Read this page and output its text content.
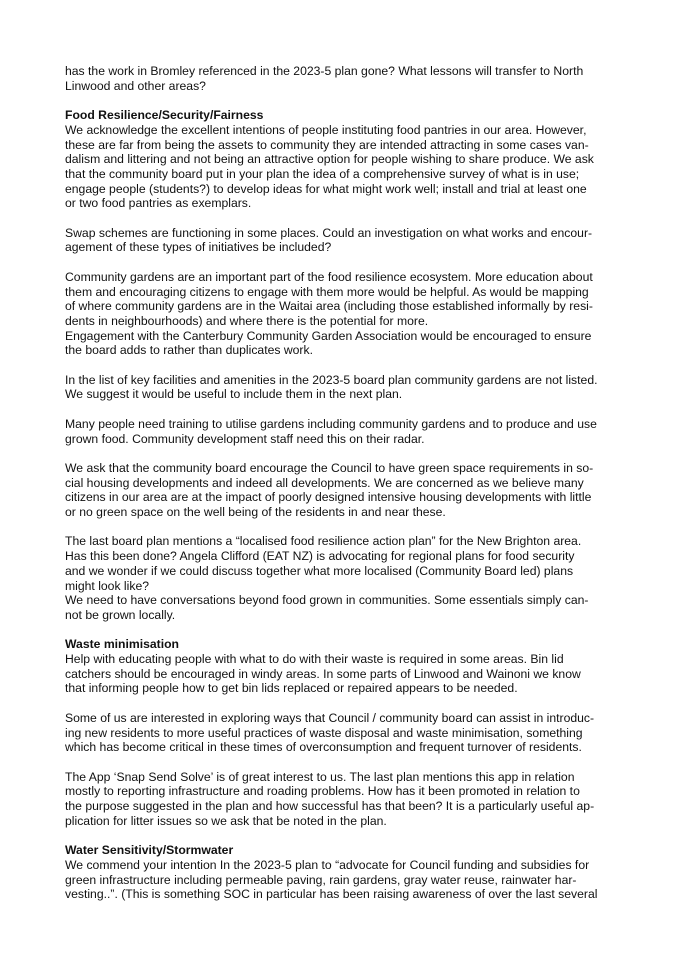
has the work in Bromley referenced in the 2023-5 plan gone? What lessons will transfer to North
Linwood and other areas?
Food Resilience/Security/Fairness
We acknowledge the excellent intentions of people instituting food pantries in our area. However,
these are far from being the assets to community they are intended attracting in some cases van-
dalism and littering and not being an attractive option for people wishing to share produce. We ask
that the community board put in your plan the idea of a comprehensive survey of what is in use;
engage people (students?) to develop ideas for what might work well; install and trial at least one
or two food pantries as exemplars.
Swap schemes are functioning in some places. Could an investigation on what works and encour-
agement of these types of initiatives be included?
Community gardens are an important part of the food resilience ecosystem. More education about
them and encouraging citizens to engage with them more would be helpful. As would be mapping
of where community gardens are in the Waitai area (including those established informally by resi-
dents in neighbourhoods) and where there is the potential for more.
Engagement with the Canterbury Community Garden Association would be encouraged to ensure
the board adds to rather than duplicates work.
In the list of key facilities and amenities in the 2023-5 board plan community gardens are not listed.
We suggest it would be useful to include them in the next plan.
Many people need training to utilise gardens including community gardens and to produce and use
grown food. Community development staff need this on their radar.
We ask that the community board encourage the Council to have green space requirements in so-
cial housing developments and indeed all developments. We are concerned as we believe many
citizens in our area are at the impact of poorly designed intensive housing developments with little
or no green space on the well being of the residents in and near these.
The last board plan mentions a “localised food resilience action plan” for the New Brighton area.
Has this been done? Angela Clifford (EAT NZ) is advocating for regional plans for food security
and we wonder if we could discuss together what more localised (Community Board led) plans
might look like?
We need to have conversations beyond food grown in communities. Some essentials simply can-
not be grown locally.
Waste minimisation
Help with educating people with what to do with their waste is required in some areas. Bin lid
catchers should be encouraged in windy areas. In some parts of Linwood and Wainoni we know
that informing people how to get bin lids replaced or repaired appears to be needed.
Some of us are interested in exploring ways that Council / community board can assist in introduc-
ing new residents to more useful practices of waste disposal and waste minimisation, something
which has become critical in these times of overconsumption and frequent turnover of residents.
The App ‘Snap Send Solve’ is of great interest to us. The last plan mentions this app in relation
mostly to reporting infrastructure and roading problems. How has it been promoted in relation to
the purpose suggested in the plan and how successful has that been? It is a particularly useful ap-
plication for litter issues so we ask that be noted in the plan.
Water Sensitivity/Stormwater
We commend your intention In the 2023-5 plan to “advocate for Council funding and subsidies for
green infrastructure including permeable paving, rain gardens, gray water reuse, rainwater har-
vesting..”. (This is something SOC in particular has been raising awareness of over the last several
